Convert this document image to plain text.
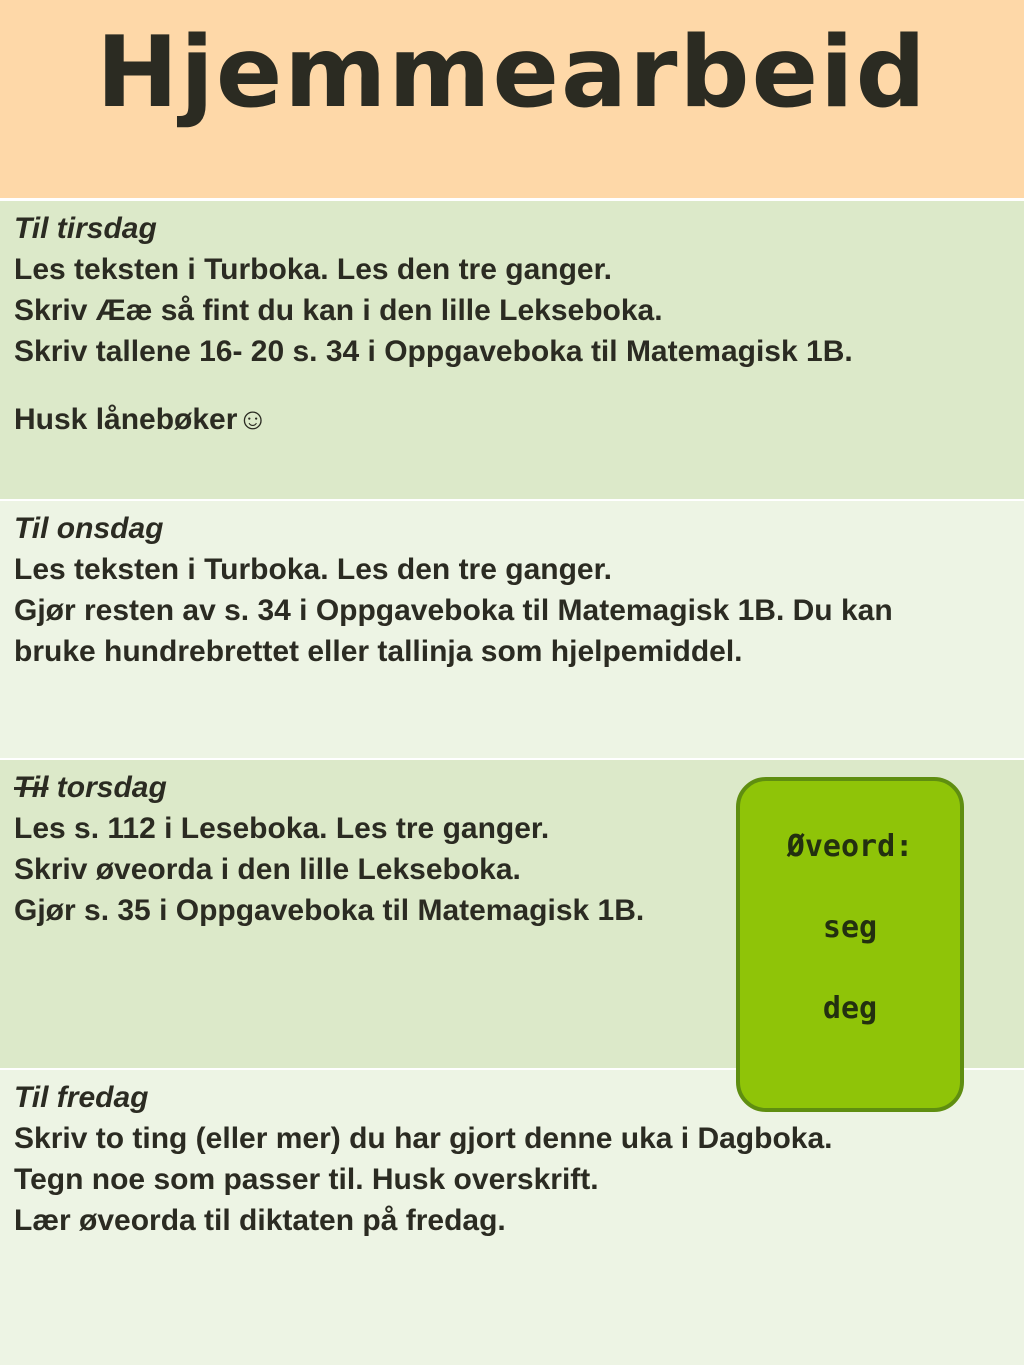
Hjemmearbeid
Til tirsdag
Les teksten i Turboka. Les den tre ganger.
Skriv Ææ så fint du kan i den lille Lekseboka.
Skriv tallene 16- 20 s. 34 i Oppgaveboka til Matemagisk 1B.
Husk lånebøker☺
Til onsdag
Les teksten i Turboka. Les den tre ganger.
Gjør resten av s. 34 i Oppgaveboka til Matemagisk 1B. Du kan bruke hundrebrettet eller tallinja som hjelpemiddel.
Til torsdag
Les s. 112 i Leseboka. Les tre ganger.
Skriv øveorda i den lille Lekseboka.
Gjør s. 35 i Oppgaveboka til Matemagisk 1B.
Til fredag
Skriv to ting (eller mer) du har gjort denne uka i Dagboka.
Tegn noe som passer til. Husk overskrift.
Lær øveorda til diktaten på fredag.
Øveord:
seg
deg
